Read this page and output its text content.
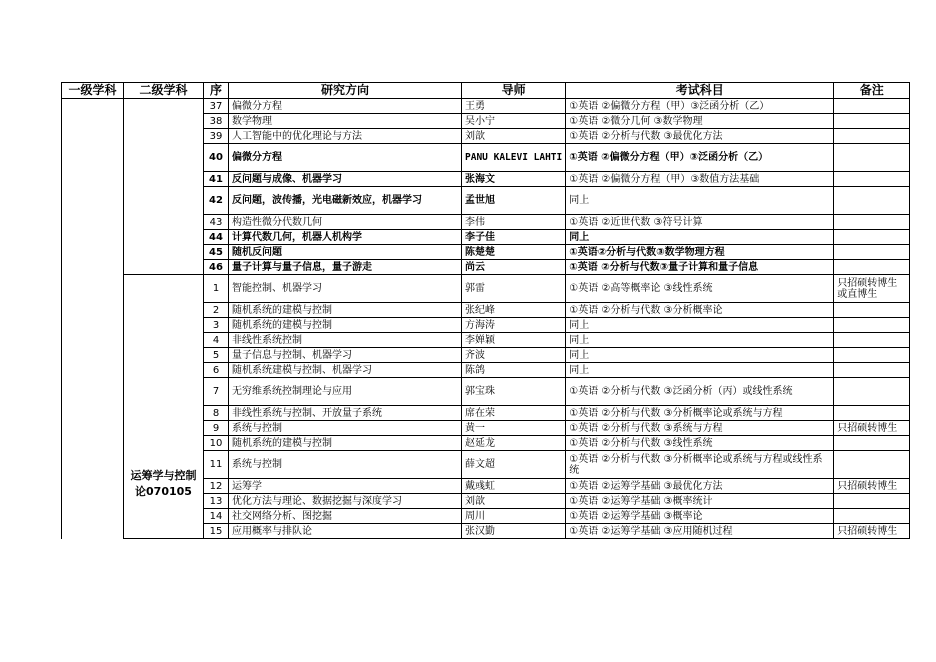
一级学科	二级学科	序	研究方向	导师	考试科目	备注
		37	偏微分方程	王勇	①英语 ②偏微分方程（甲）③泛函分析（乙）	
		38	数学物理	吴小宁	①英语 ②微分几何 ③数学物理	
		39	人工智能中的优化理论与方法	刘歆	①英语 ②分析与代数 ③最优化方法	
		40	偏微分方程	PANU KALEVI LAHTI	①英语 ②偏微分方程（甲）③泛函分析（乙）	
		41	反问题与成像、机器学习	张海文	①英语 ②偏微分方程（甲）③数值方法基础	
		42	反问题，波传播，光电磁新效应，机器学习	孟世旭	同上	
		43	构造性微分代数几何	李伟	①英语 ②近世代数 ③符号计算	
		44	计算代数几何，机器人机构学	李子佳	同上	
		45	随机反问题	陈楚楚	①英语②分析与代数③数学物理方程	
		46	量子计算与量子信息，量子游走	尚云	①英语 ②分析与代数③量子计算和量子信息	
	运筹学与控制论070105	1	智能控制、机器学习	郭雷	①英语 ②高等概率论 ③线性系统	只招硕转博生或直博生
		2	随机系统的建模与控制	张纪峰	①英语 ②分析与代数 ③分析概率论	
		3	随机系统的建模与控制	方海涛	同上	
		4	非线性系统控制	李婵颖	同上	
		5	量子信息与控制、机器学习	齐波	同上	
		6	随机系统建模与控制、机器学习	陈鸽	同上	
		7	无穷维系统控制理论与应用	郭宝珠	①英语 ②分析与代数 ③泛函分析（丙）或线性系统	
		8	非线性系统与控制、开放量子系统	席在荣	①英语 ②分析与代数 ③分析概率论或系统与方程	
		9	系统与控制	黄一	①英语 ②分析与代数 ③系统与方程	只招硕转博生
		10	随机系统的建模与控制	赵延龙	①英语 ②分析与代数 ③线性系统	
		11	系统与控制	薛文超	①英语 ②分析与代数 ③分析概率论或系统与方程或线性系统	
		12	运筹学	戴彧虹	①英语 ②运筹学基础 ③最优化方法	只招硕转博生
		13	优化方法与理论、数据挖掘与深度学习	刘歆	①英语 ②运筹学基础 ③概率统计	
		14	社交网络分析、图挖掘	周川	①英语 ②运筹学基础 ③概率论	
		15	应用概率与排队论	张汉勤	①英语 ②运筹学基础 ③应用随机过程	只招硕转博生
